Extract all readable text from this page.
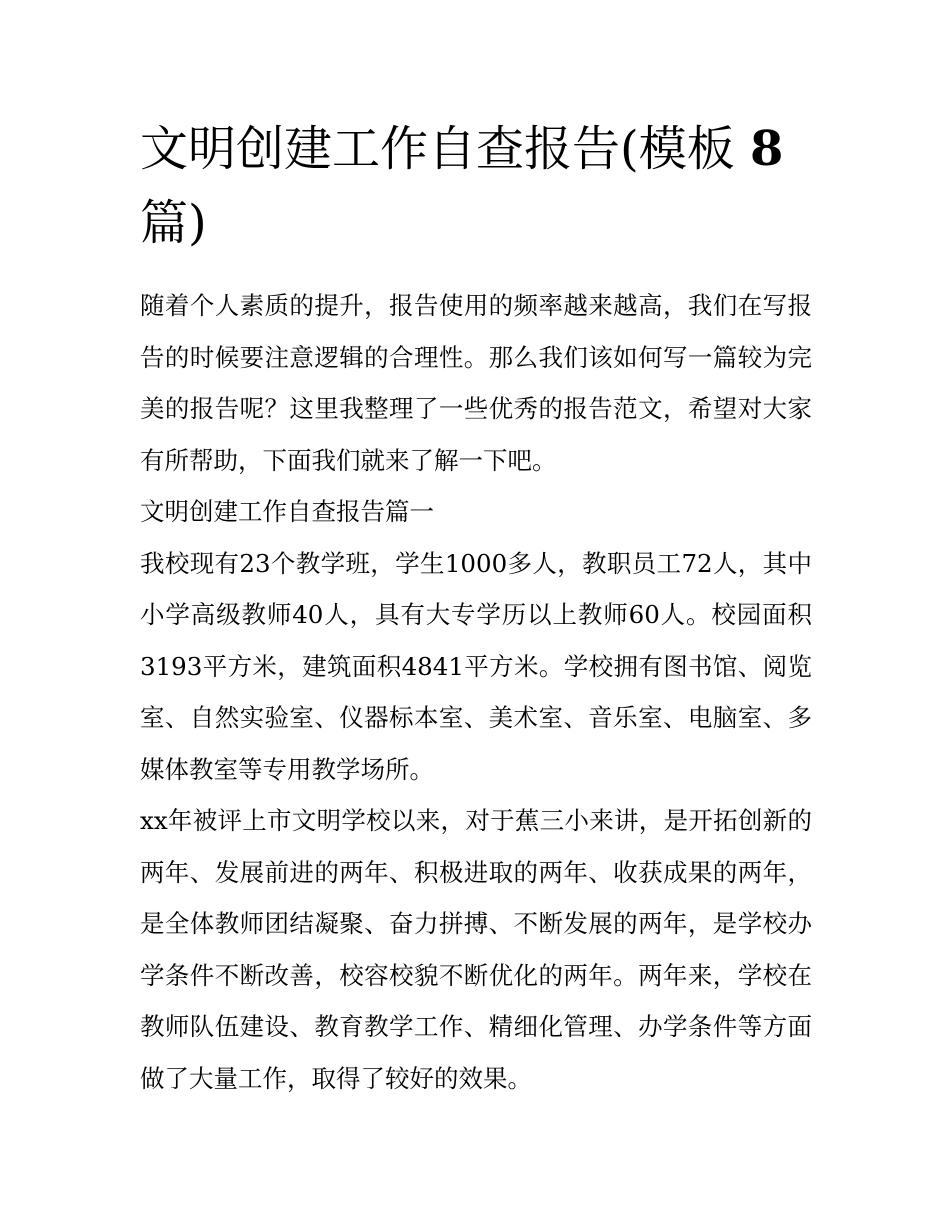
文明创建工作自查报告(模板 8
篇)

随着个人素质的提升，报告使用的频率越来越高，我们在写报告的时候要注意逻辑的合理性。那么我们该如何写一篇较为完美的报告呢？这里我整理了一些优秀的报告范文，希望对大家有所帮助，下面我们就来了解一下吧。

文明创建工作自查报告篇一

我校现有23个教学班，学生1000多人，教职员工72人，其中小学高级教师40人，具有大专学历以上教师60人。校园面积3193平方米，建筑面积4841平方米。学校拥有图书馆、阅览室、自然实验室、仪器标本室、美术室、音乐室、电脑室、多媒体教室等专用教学场所。

xx年被评上市文明学校以来，对于蕉三小来讲，是开拓创新的两年、发展前进的两年、积极进取的两年、收获成果的两年，是全体教师团结凝聚、奋力拼搏、不断发展的两年，是学校办学条件不断改善，校容校貌不断优化的两年。两年来，学校在教师队伍建设、教育教学工作、精细化管理、办学条件等方面做了大量工作，取得了较好的效果。
